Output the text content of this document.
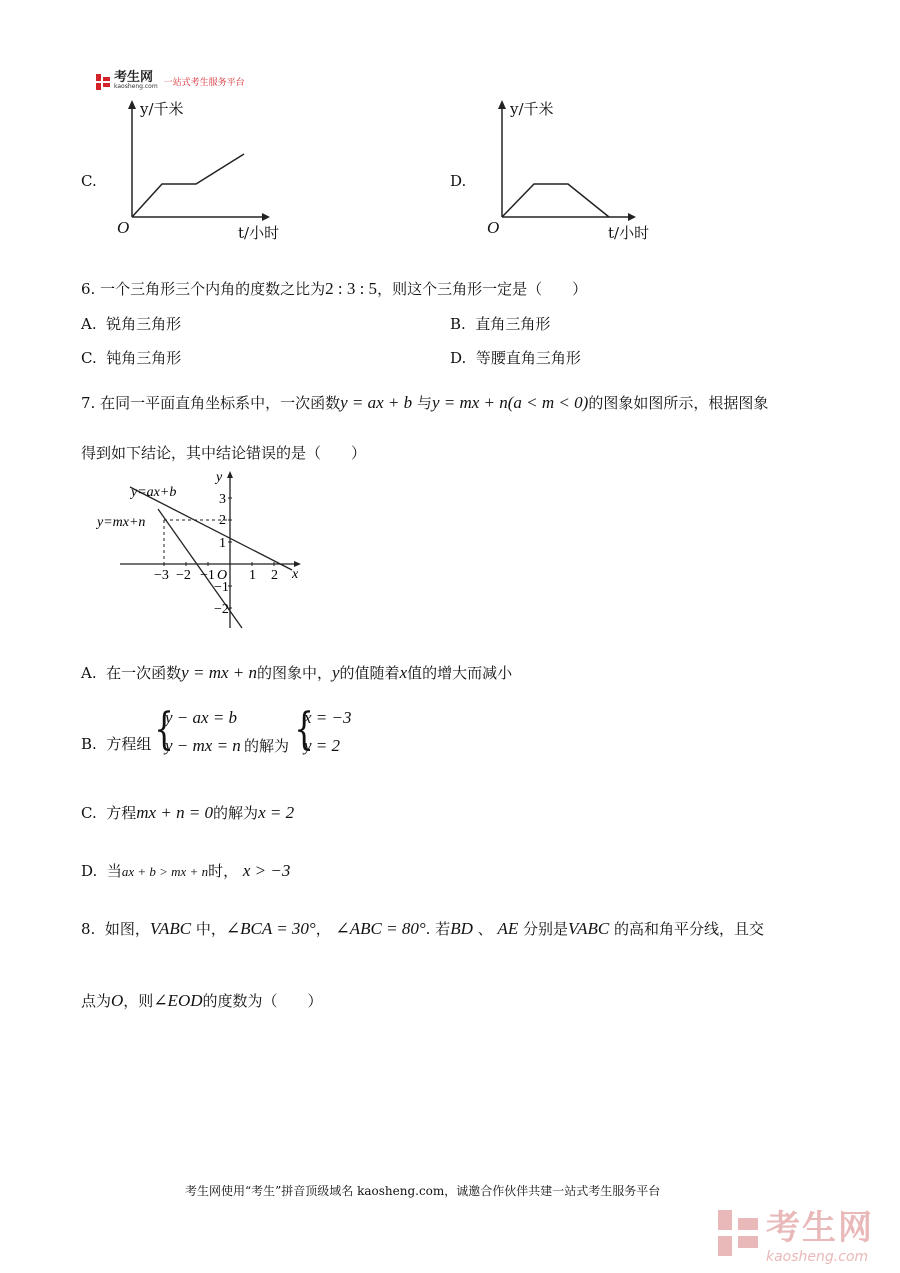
考生网
kaosheng.com 一站式考生服务平台
C.
y/千米
O	t/小时
D.
y/千米
O	t/小时
6. 一个三角形三个内角的度数之比为2 : 3 : 5，则这个三角形一定是（　　）
A. 锐角三角形	B. 直角三角形
C. 钝角三角形	D. 等腰直角三角形
7. 在同一平面直角坐标系中，一次函数y = ax + b 与y = mx + n(a < m < 0)的图象如图所示，根据图象
得到如下结论，其中结论错误的是（　　）
y=ax+b
y=mx+n
x
y
O
−3 −2 −1 1 2
3
2
1
−1
−2
A. 在一次函数y = mx + n的图象中，y的值随着x值的增大而减小
B. 方程组 {
y − ax = b
y − mx = n 的解为 {
x = −3
y = 2
C. 方程mx + n = 0的解为x = 2
D. 当ax + b > mx + n时， x > −3
8. 如图，VABC 中，∠BCA = 30°， ∠ABC = 80°. 若BD 、 AE 分别是VABC 的高和角平分线，且交
点为O，则∠EOD的度数为（　　）
考生网使用“考生”拼音顶级域名 kaosheng.com，诚邀合作伙伴共建一站式考生服务平台
考生网
kaosheng.com
